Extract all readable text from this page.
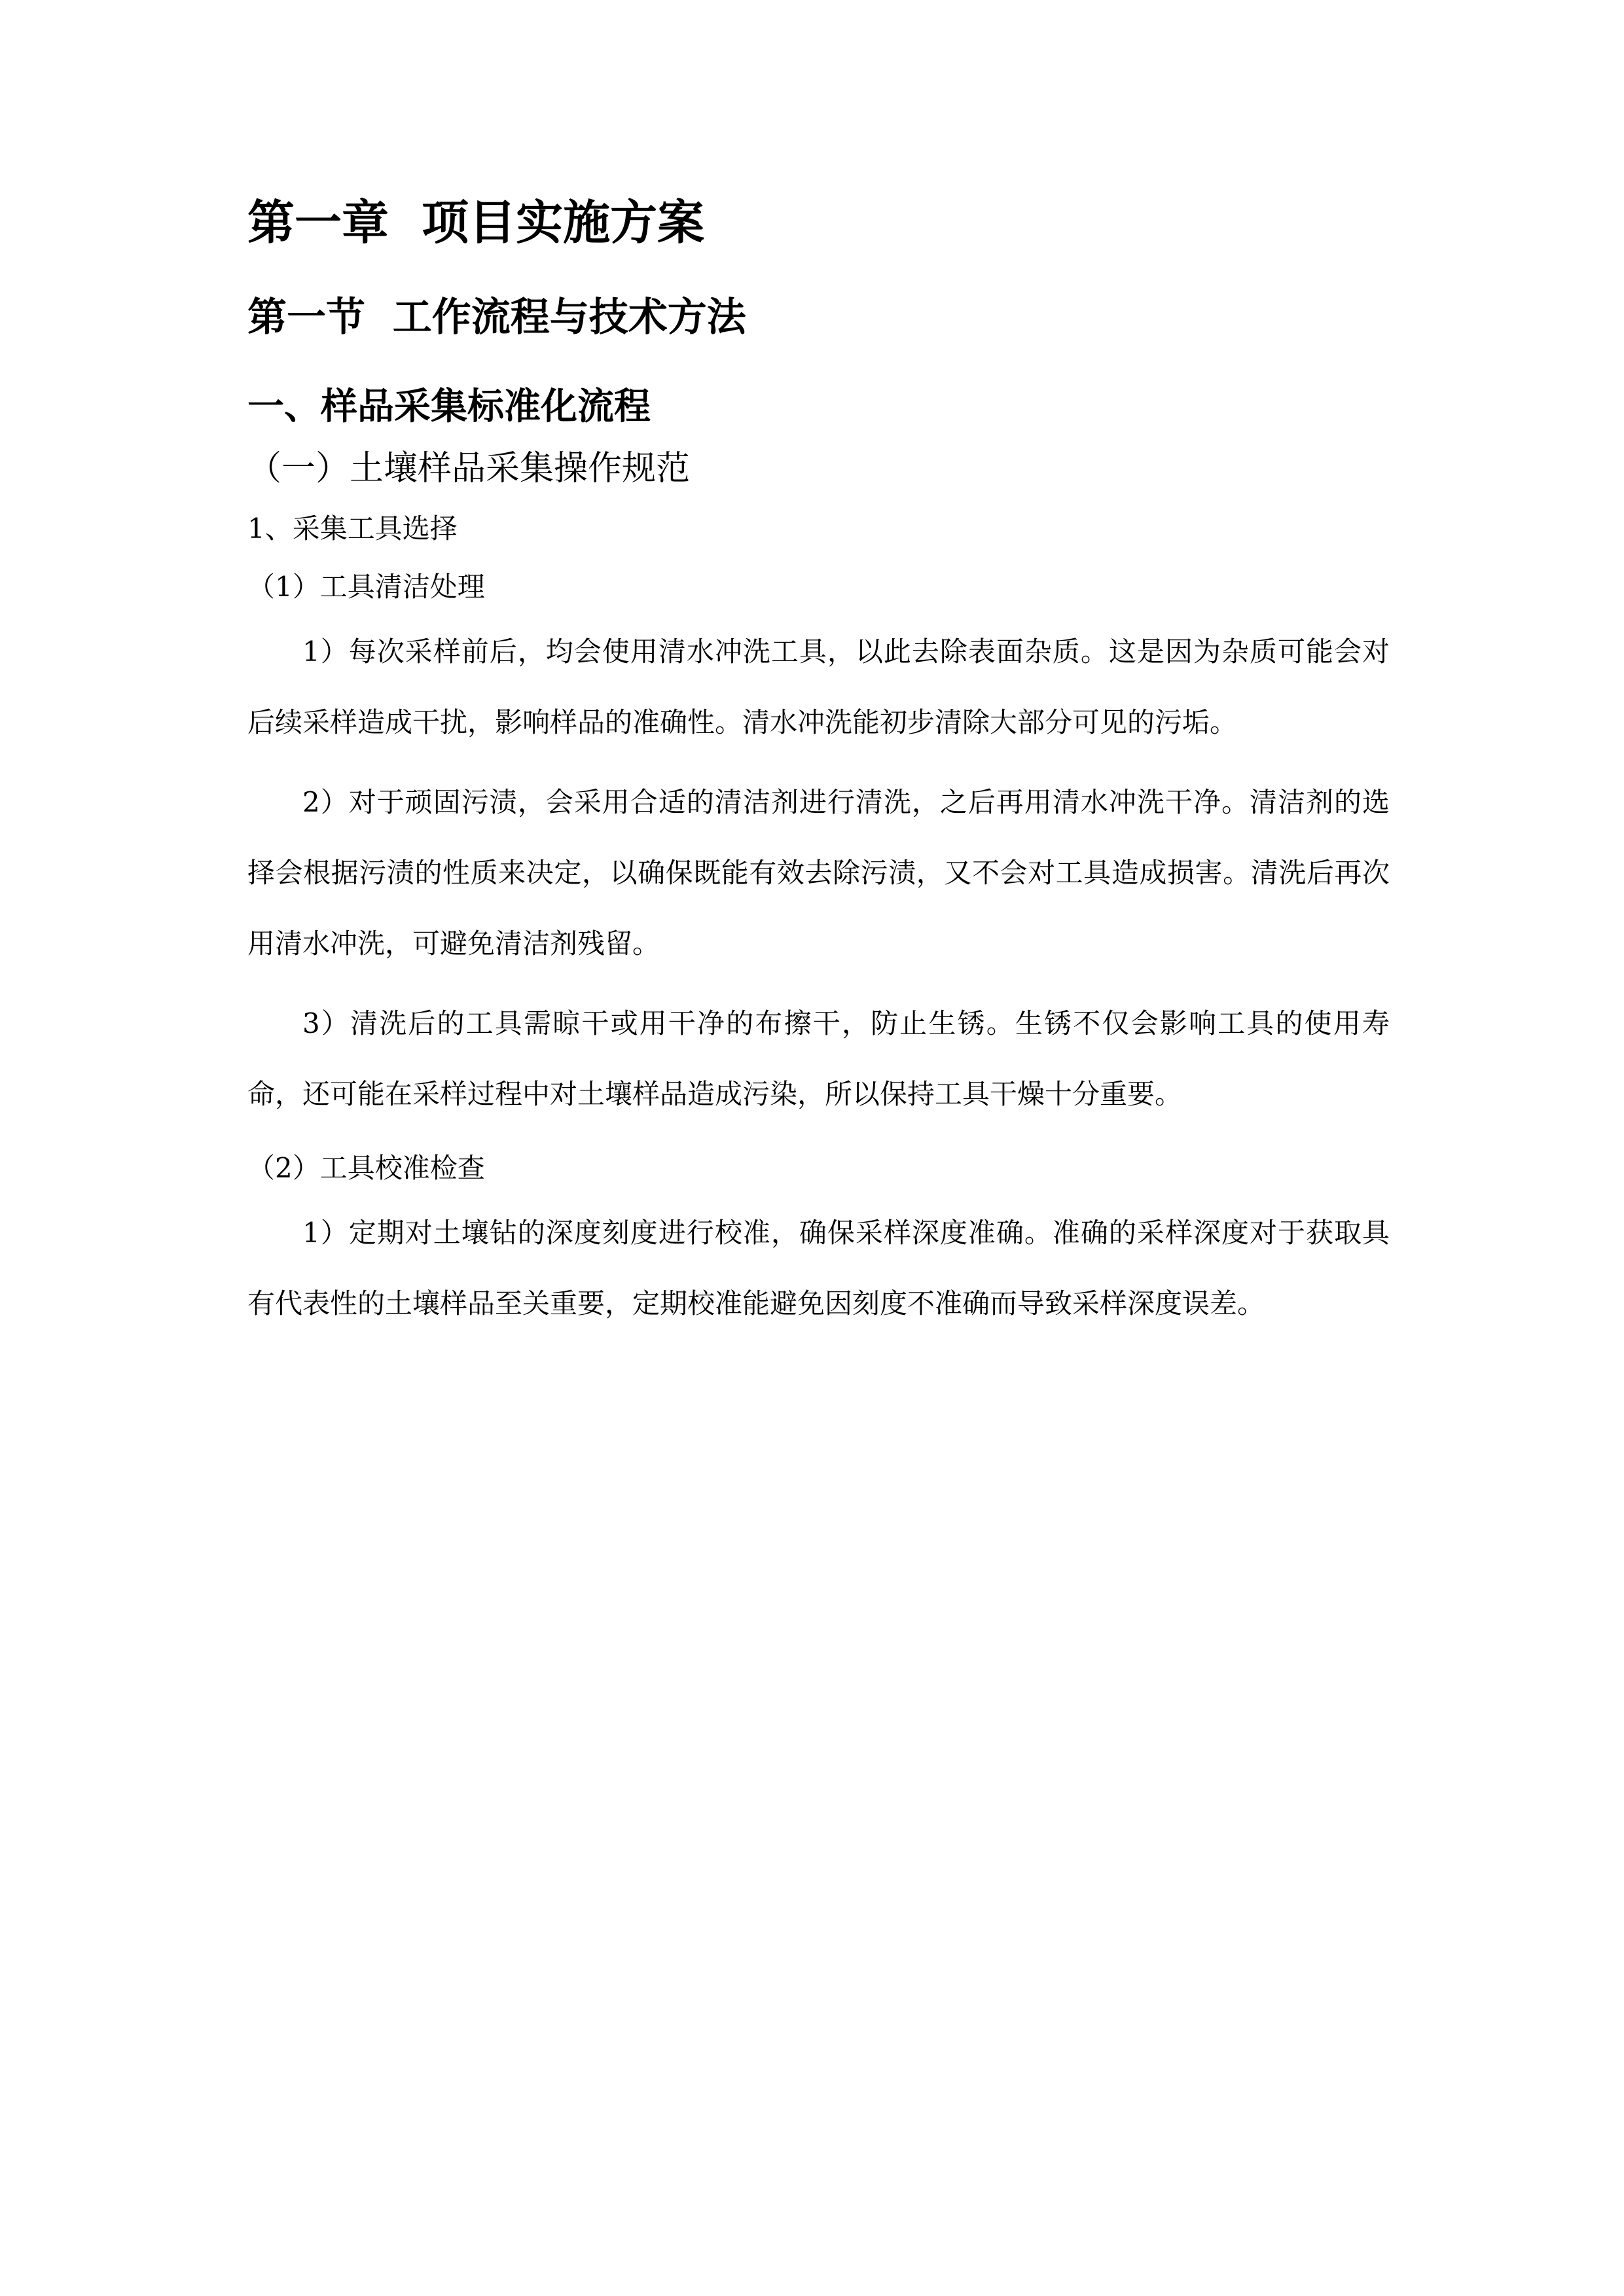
第一章  项目实施方案
第一节  工作流程与技术方法
一、样品采集标准化流程

（一）土壤样品采集操作规范

1、采集工具选择

（1）工具清洁处理

1）每次采样前后，均会使用清水冲洗工具，以此去除表面杂质。这是因为杂质可能会对后续采样造成干扰，影响样品的准确性。清水冲洗能初步清除大部分可见的污垢。

2）对于顽固污渍，会采用合适的清洁剂进行清洗，之后再用清水冲洗干净。清洁剂的选择会根据污渍的性质来决定，以确保既能有效去除污渍，又不会对工具造成损害。清洗后再次用清水冲洗，可避免清洁剂残留。

3）清洗后的工具需晾干或用干净的布擦干，防止生锈。生锈不仅会影响工具的使用寿命，还可能在采样过程中对土壤样品造成污染，所以保持工具干燥十分重要。

（2）工具校准检查

1）定期对土壤钻的深度刻度进行校准，确保采样深度准确。准确的采样深度对于获取具有代表性的土壤样品至关重要，定期校准能避免因刻度不准确而导致采样深度误差。
